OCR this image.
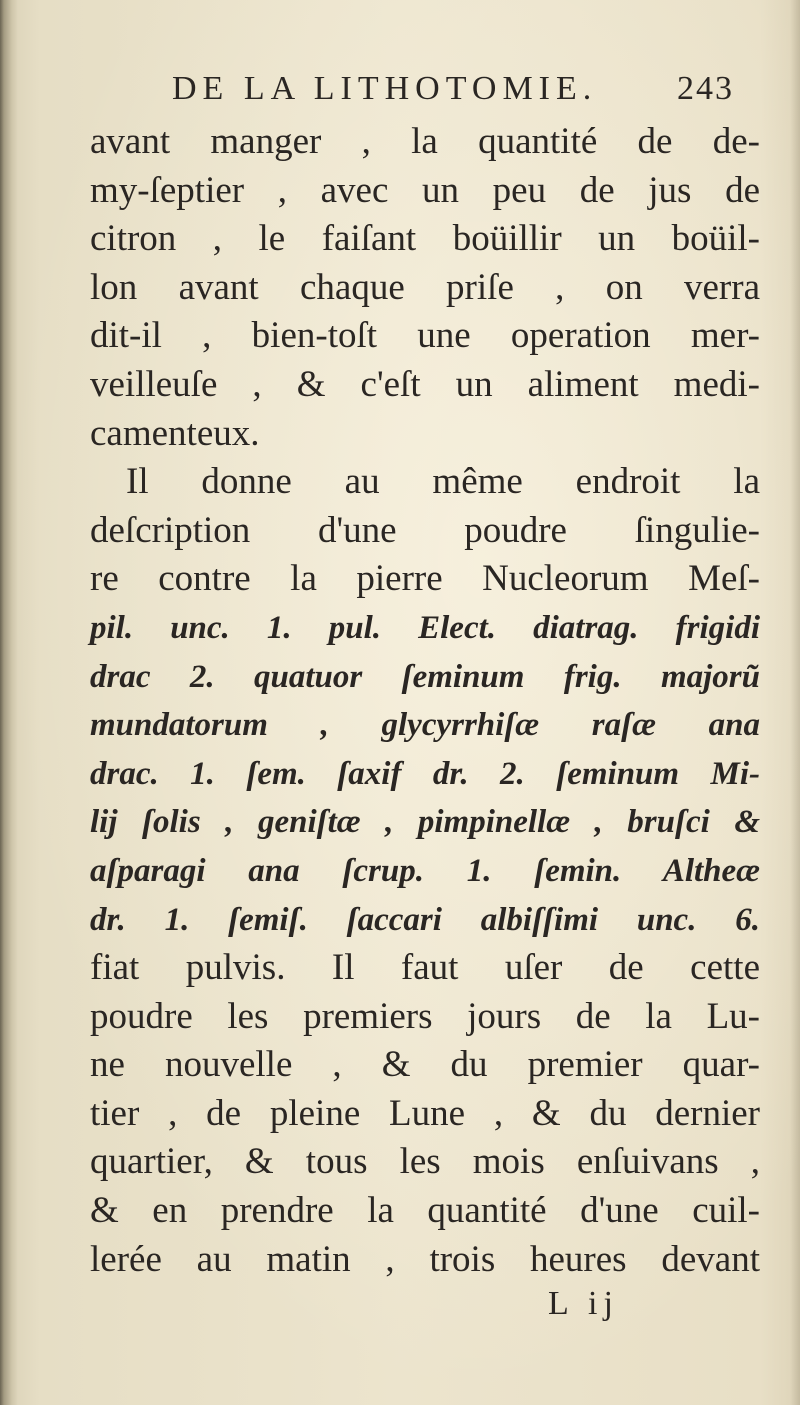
DE LA LITHOTOMIE. 243
avant manger , la quantité de de-
my-ſeptier , avec un peu de jus de
citron , le faiſant boüillir un boüil-
lon avant chaque priſe , on verra
dit-il , bien-toſt une operation mer-
veilleuſe , & c'eſt un aliment medi-
camenteux.
Il donne au même endroit la
deſcription d'une poudre ſingulie-
re contre la pierre Nucleorum Meſ-
pil. unc. 1. pul. Elect. diatrag. frigidi
drac 2. quatuor ſeminum frig. majorũ
mundatorum , glycyrrhiſæ raſæ ana
drac. 1. ſem. ſaxif dr. 2. ſeminum Mi-
lij ſolis , geniſtæ , pimpinellæ , bruſci &
aſparagi ana ſcrup. 1. ſemin. Altheæ
dr. 1. ſemiſ. ſaccari albiſſimi unc. 6.
fiat pulvis. Il faut uſer de cette
poudre les premiers jours de la Lu-
ne nouvelle , & du premier quar-
tier , de pleine Lune , & du dernier
quartier, & tous les mois enſuivans ,
& en prendre la quantité d'une cuil-
lerée au matin , trois heures devant
L ij
